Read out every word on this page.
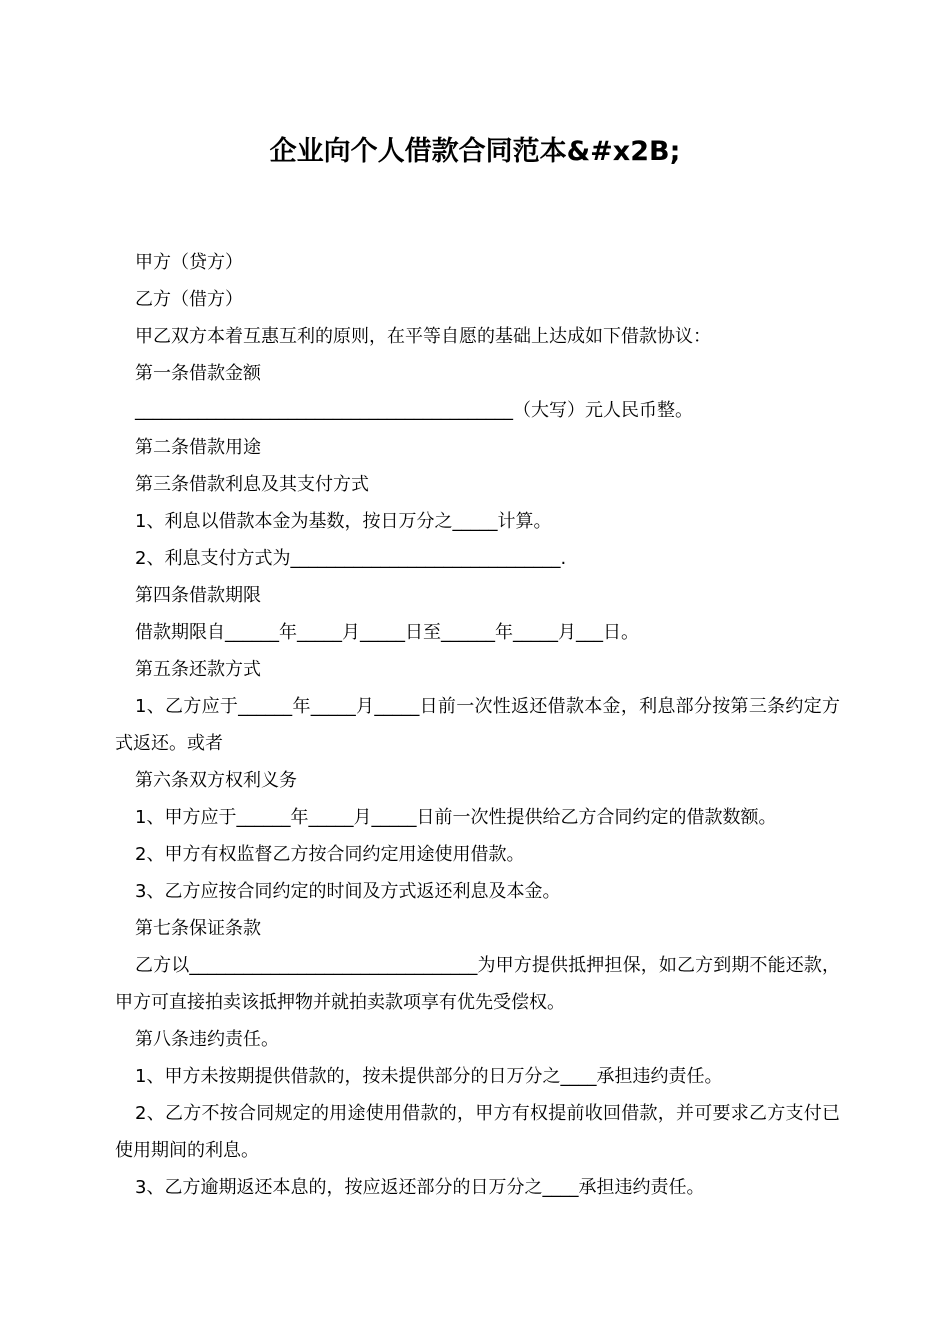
企业向个人借款合同范本&#x2B;

甲方（贷方）

乙方（借方）

甲乙双方本着互惠互利的原则，在平等自愿的基础上达成如下借款协议：

第一条借款金额

__________________________________________（大写）元人民币整。

第二条借款用途

第三条借款利息及其支付方式

1、利息以借款本金为基数，按日万分之_____计算。

2、利息支付方式为______________________________.

第四条借款期限

借款期限自______年_____月_____日至______年_____月___日。

第五条还款方式

1、乙方应于______年_____月_____日前一次性返还借款本金，利息部分按第三条约定方式返还。或者

第六条双方权利义务

1、甲方应于______年_____月_____日前一次性提供给乙方合同约定的借款数额。

2、甲方有权监督乙方按合同约定用途使用借款。

3、乙方应按合同约定的时间及方式返还利息及本金。

第七条保证条款

乙方以________________________________为甲方提供抵押担保，如乙方到期不能还款，甲方可直接拍卖该抵押物并就拍卖款项享有优先受偿权。

第八条违约责任。

1、甲方未按期提供借款的，按未提供部分的日万分之____承担违约责任。

2、乙方不按合同规定的用途使用借款的，甲方有权提前收回借款，并可要求乙方支付已使用期间的利息。

3、乙方逾期返还本息的，按应返还部分的日万分之____承担违约责任。
